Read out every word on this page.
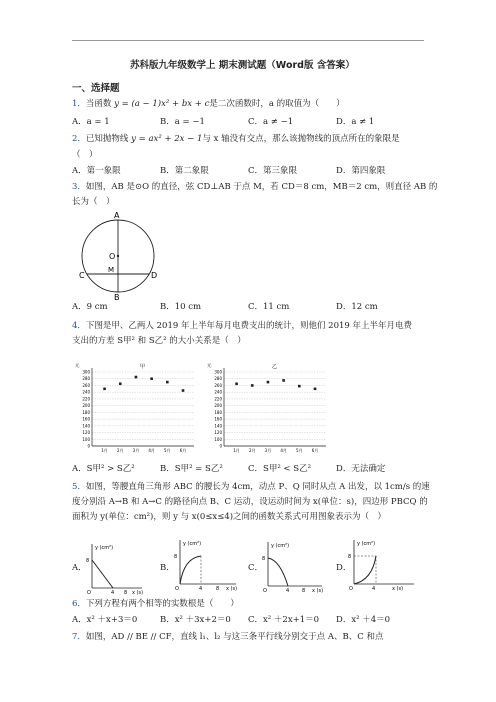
苏科版九年级数学上 期末测试题（Word版 含答案）
一、选择题
1．当函数 y = (a − 1)x² + bx + c是二次函数时，a 的取值为（　　）
A．a = 1	B．a = −1	C．a ≠ −1	D．a ≠ 1
2．已知抛物线 y = ax² + 2x − 1与 x 轴没有交点，那么该抛物线的顶点所在的象限是
（　）
A．第一象限	B．第二象限	C．第三象限	D．第四象限
3．如图，AB 是⊙O 的直径，弦 CD⊥AB 于点 M，若 CD＝8 cm，MB＝2 cm，则直径 AB 的
长为（　）
A
O
C
M
D
B
A．9 cm	B．10 cm	C．11 cm	D．12 cm
4．下图是甲、乙两人 2019 年上半年每月电费支出的统计，则他们 2019 年上半年月电费
支出的方差 S甲² 和 S乙² 的大小关系是（　）
元	甲
0
100
120
140
160
180
200
220
240
260
280
300
1月 2月 3月 4月 5月 6月
元	乙
0
100
120
140
160
180
200
220
240
260
280
300
1月 2月 3月 4月 5月 6月
A．S甲² > S乙²	B．S甲² = S乙²	C．S甲² < S乙²	D．无法确定
5．如图，等腰直角三角形 ABC 的腰长为 4cm，动点 P、Q 同时从点 A 出发，以 1cm/s 的速
度分别沿 A→B 和 A→C 的路径向点 B、C 运动，设运动时间为 x(单位：s)，四边形 PBCQ 的
面积为 y(单位：cm²)，则 y 与 x(0≤x≤4)之间的函数关系式可用图象表示为（　）
A．
y (cm²)
8
O	4 8 x (s)
B．
y (cm²)
8
O	4	8 x (s)
C．
y (cm²)
8
O	4	8 x (s)
D．
y (cm²)
8
O	4	x (s)
6．下列方程有两个相等的实数根是（　　）
A．x² ＋x+3＝0	B．x² ＋3x+2＝0 C．x² ＋2x+1＝0 D．x² ＋4＝0
7．如图，AD // BE // CF，直线 l₁、l₂ 与这三条平行线分别交于点 A、B、C 和点
